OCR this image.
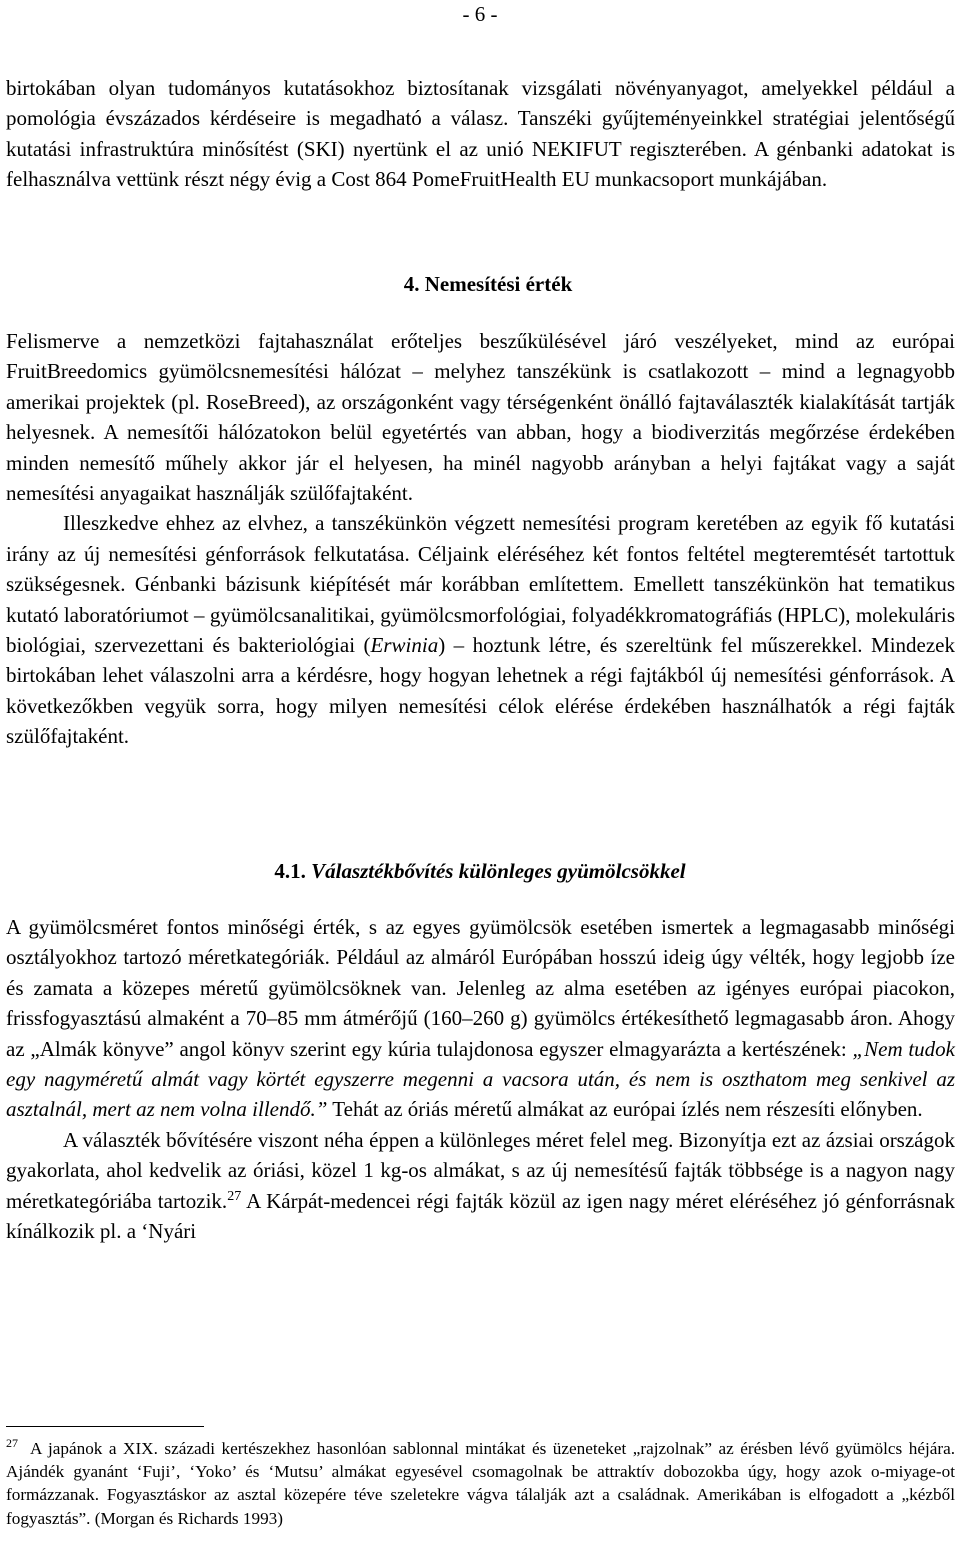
- 6 -

birtokában olyan tudományos kutatásokhoz biztosítanak vizsgálati növényanyagot, amelyekkel például a pomológia évszázados kérdéseire is megadható a válasz. Tanszéki gyűjteményeinkkel stratégiai jelentőségű kutatási infrastruktúra minősítést (SKI) nyertünk el az unió NEKIFUT regiszterében. A génbanki adatokat is felhasználva vettünk részt négy évig a Cost 864 PomeFruitHealth EU munkacsoport munkájában.

4. Nemesítési érték

Felismerve a nemzetközi fajtahasználat erőteljes beszűkülésével járó veszélyeket, mind az európai FruitBreedomics gyümölcsnemesítési hálózat – melyhez tanszékünk is csatlakozott – mind a legnagyobb amerikai projektek (pl. RoseBreed), az országonként vagy térségenként önálló fajtaválaszték kialakítását tartják helyesnek. A nemesítői hálózatokon belül egyetértés van abban, hogy a biodiverzitás megőrzése érdekében minden nemesítő műhely akkor jár el helyesen, ha minél nagyobb arányban a helyi fajtákat vagy a saját nemesítési anyagaikat használják szülőfajtaként.

Illeszkedve ehhez az elvhez, a tanszékünkön végzett nemesítési program keretében az egyik fő kutatási irány az új nemesítési génforrások felkutatása. Céljaink eléréséhez két fontos feltétel megteremtését tartottuk szükségesnek. Génbanki bázisunk kiépítését már korábban említettem. Emellett tanszékünkön hat tematikus kutató laboratóriumot – gyümölcsanalitikai, gyümölcsmorfológiai, folyadékkromatográfiás (HPLC), molekuláris biológiai, szervezettani és bakteriológiai (Erwinia) – hoztunk létre, és szereltünk fel műszerekkel. Mindezek birtokában lehet válaszolni arra a kérdésre, hogy hogyan lehetnek a régi fajtákból új nemesítési génforrások. A következőkben vegyük sorra, hogy milyen nemesítési célok elérése érdekében használhatók a régi fajták szülőfajtaként.

4.1. Választékbővítés különleges gyümölcsökkel

A gyümölcsméret fontos minőségi érték, s az egyes gyümölcsök esetében ismertek a legmagasabb minőségi osztályokhoz tartozó méretkategóriák. Például az almáról Európában hosszú ideig úgy vélték, hogy legjobb íze és zamata a közepes méretű gyümölcsöknek van. Jelenleg az alma esetében az igényes európai piacokon, frissfogyasztású almaként a 70–85 mm átmérőjű (160–260 g) gyümölcs értékesíthető legmagasabb áron. Ahogy az „Almák könyve” angol könyv szerint egy kúria tulajdonosa egyszer elmagyarázta a kertészének: „Nem tudok egy nagyméretű almát vagy körtét egyszerre megenni a vacsora után, és nem is oszthatom meg senkivel az asztalnál, mert az nem volna illendő.” Tehát az óriás méretű almákat az európai ízlés nem részesíti előnyben.

A választék bővítésére viszont néha éppen a különleges méret felel meg. Bizonyítja ezt az ázsiai országok gyakorlata, ahol kedvelik az óriási, közel 1 kg-os almákat, s az új nemesítésű fajták többsége is a nagyon nagy méretkategóriába tartozik.$^{27}$ A Kárpát-medencei régi fajták közül az igen nagy méret eléréséhez jó génforrásnak kínálkozik pl. a ‘Nyári

$^{27}$ A japánok a XIX. századi kertészekhez hasonlóan sablonnal mintákat és üzeneteket „rajzolnak” az érésben lévő gyümölcs héjára. Ajándék gyanánt ‘Fuji’, ‘Yoko’ és ‘Mutsu’ almákat egyesével csomagolnak be attraktív dobozokba úgy, hogy azok o-miyage-ot formázzanak. Fogyasztáskor az asztal közepére téve szeletekre vágva tálalják azt a családnak. Amerikában is elfogadott a „kézből fogyasztás”. (Morgan és Richards 1993)
